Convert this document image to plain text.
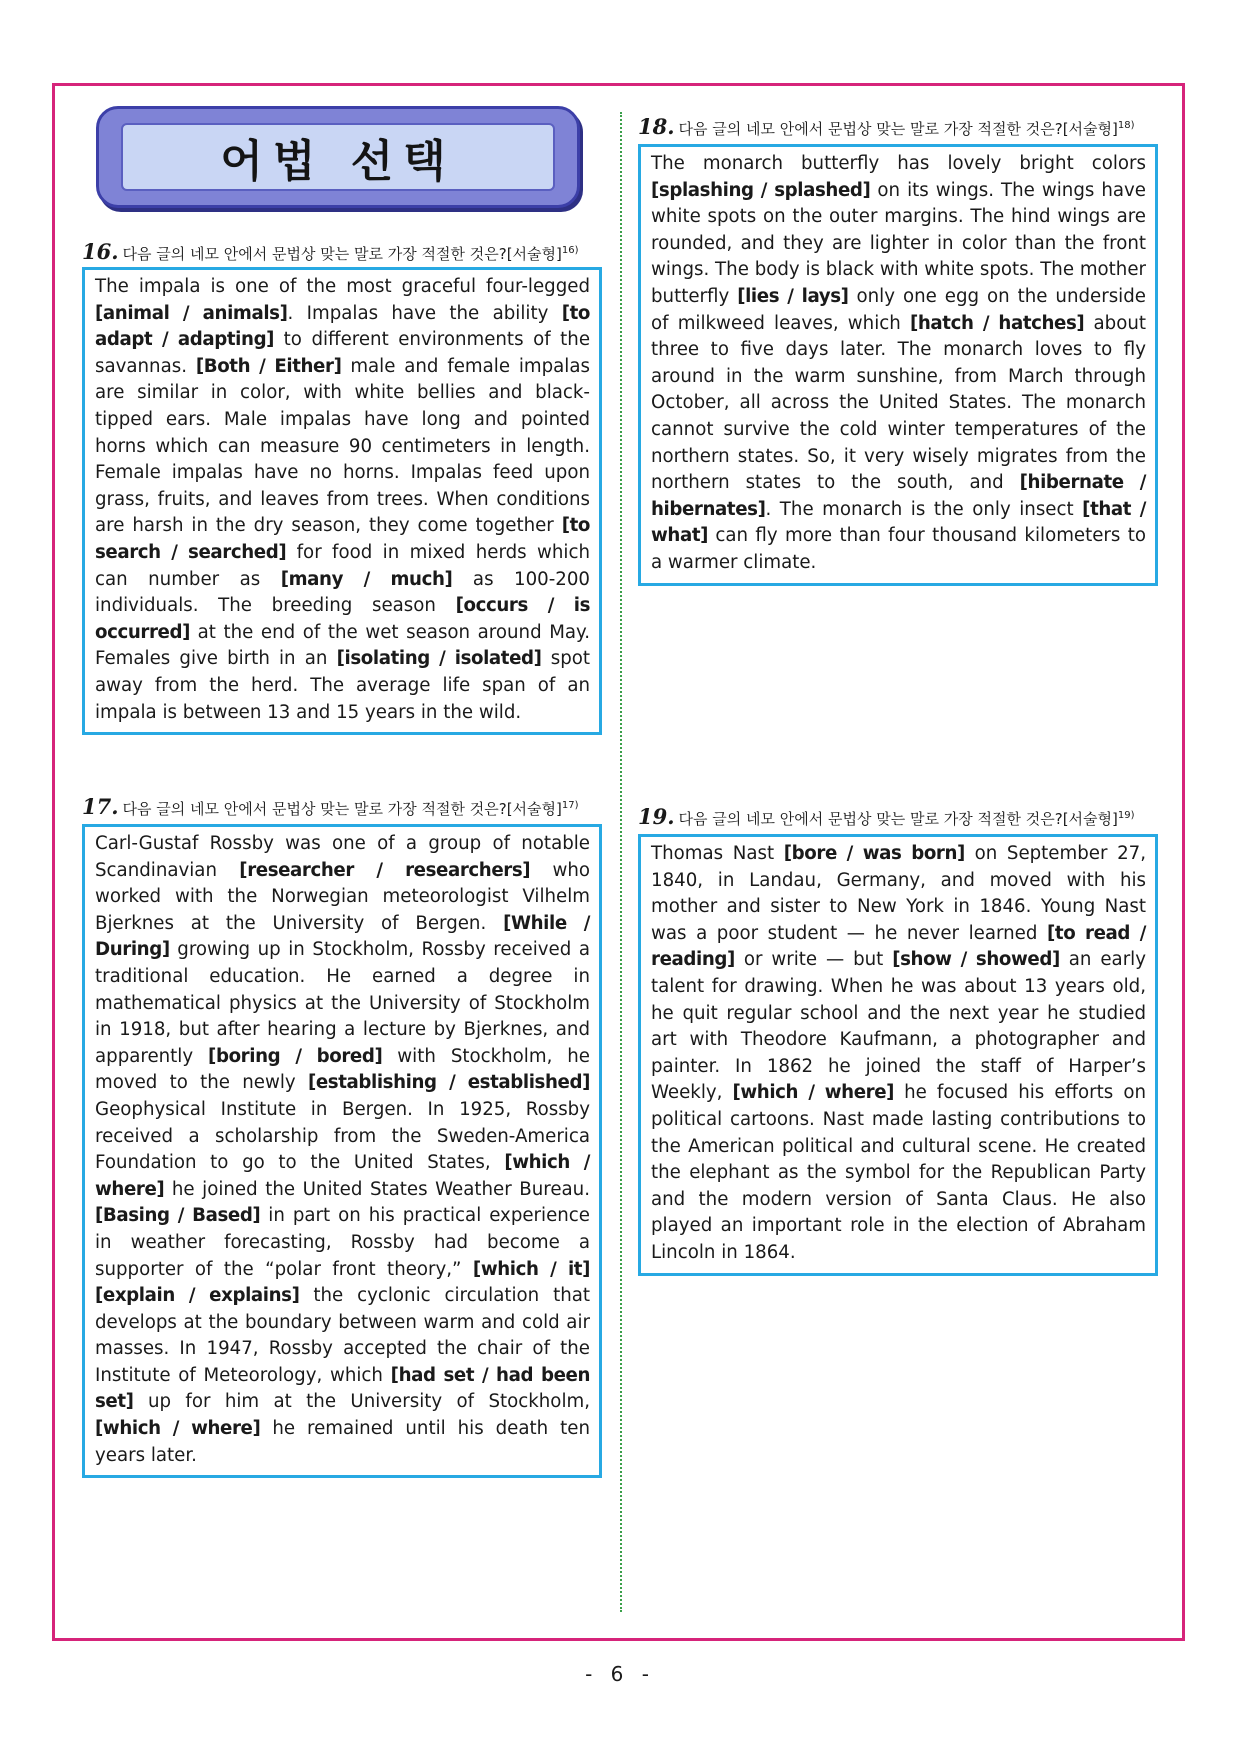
어법 선택
16. 다음 글의 네모 안에서 문법상 맞는 말로 가장 적절한 것은?[서술형]$^{16)}$
The impala is one of the most graceful four-legged [animal / animals]. Impalas have the ability [to adapt / adapting] to different environments of the savannas. [Both / Either] male and female impalas are similar in color, with white bellies and black-tipped ears. Male impalas have long and pointed horns which can measure 90 centimeters in length. Female impalas have no horns. Impalas feed upon grass, fruits, and leaves from trees. When conditions are harsh in the dry season, they come together [to search / searched] for food in mixed herds which can number as [many / much] as 100-200 individuals. The breeding season [occurs / is occurred] at the end of the wet season around May. Females give birth in an [isolating / isolated] spot away from the herd. The average life span of an impala is between 13 and 15 years in the wild.
17. 다음 글의 네모 안에서 문법상 맞는 말로 가장 적절한 것은?[서술형]$^{17)}$
Carl-Gustaf Rossby was one of a group of notable Scandinavian [researcher / researchers] who worked with the Norwegian meteorologist Vilhelm Bjerknes at the University of Bergen. [While / During] growing up in Stockholm, Rossby received a traditional education. He earned a degree in mathematical physics at the University of Stockholm in 1918, but after hearing a lecture by Bjerknes, and apparently [boring / bored] with Stockholm, he moved to the newly [establishing / established] Geophysical Institute in Bergen. In 1925, Rossby received a scholarship from the Sweden-America Foundation to go to the United States, [which / where] he joined the United States Weather Bureau. [Basing / Based] in part on his practical experience in weather forecasting, Rossby had become a supporter of the “polar front theory,” [which / it] [explain / explains] the cyclonic circulation that develops at the boundary between warm and cold air masses. In 1947, Rossby accepted the chair of the Institute of Meteorology, which [had set / had been set] up for him at the University of Stockholm, [which / where] he remained until his death ten years later.
18. 다음 글의 네모 안에서 문법상 맞는 말로 가장 적절한 것은?[서술형]$^{18)}$
The monarch butterfly has lovely bright colors [splashing / splashed] on its wings. The wings have white spots on the outer margins. The hind wings are rounded, and they are lighter in color than the front wings. The body is black with white spots. The mother butterfly [lies / lays] only one egg on the underside of milkweed leaves, which [hatch / hatches] about three to five days later. The monarch loves to fly around in the warm sunshine, from March through October, all across the United States. The monarch cannot survive the cold winter temperatures of the northern states. So, it very wisely migrates from the northern states to the south, and [hibernate / hibernates]. The monarch is the only insect [that / what] can fly more than four thousand kilometers to a warmer climate.
19. 다음 글의 네모 안에서 문법상 맞는 말로 가장 적절한 것은?[서술형]$^{19)}$
Thomas Nast [bore / was born] on September 27, 1840, in Landau, Germany, and moved with his mother and sister to New York in 1846. Young Nast was a poor student — he never learned [to read / reading] or write — but [show / showed] an early talent for drawing. When he was about 13 years old, he quit regular school and the next year he studied art with Theodore Kaufmann, a photographer and painter. In 1862 he joined the staff of Harper’s Weekly, [which / where] he focused his efforts on political cartoons. Nast made lasting contributions to the American political and cultural scene. He created the elephant as the symbol for the Republican Party and the modern version of Santa Claus. He also played an important role in the election of Abraham Lincoln in 1864.
- 6 -
